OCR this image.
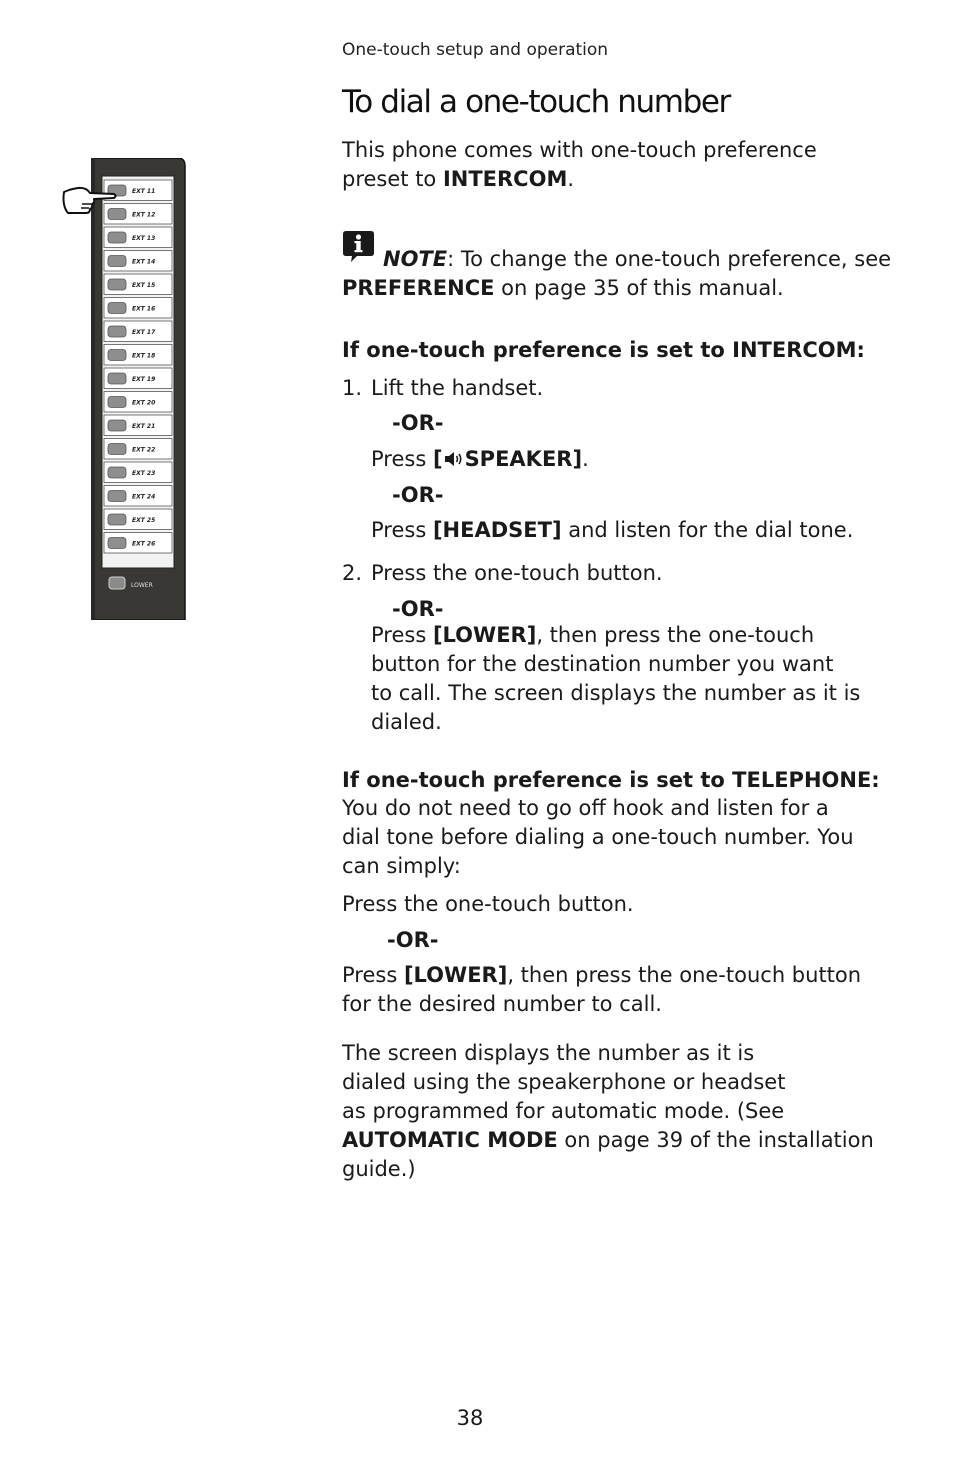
One-touch setup and operation
To dial a one-touch number
This phone comes with one-touch preference preset to INTERCOM.
NOTE: To change the one-touch preference, see
PREFERENCE on page 35 of this manual.
If one-touch preference is set to INTERCOM:
1. Lift the handset.
-OR-
Press [ SPEAKER].
-OR-
Press [HEADSET] and listen for the dial tone.
2. Press the one-touch button.
-OR-
Press [LOWER], then press the one-touch
button for the destination number you want
to call. The screen displays the number as it is
dialed.
If one-touch preference is set to TELEPHONE:
You do not need to go off hook and listen for a
dial tone before dialing a one-touch number. You
can simply:
Press the one-touch button.
-OR-
Press [LOWER], then press the one-touch button
for the desired number to call.
The screen displays the number as it is
dialed using the speakerphone or headset
as programmed for automatic mode. (See
AUTOMATIC MODE on page 39 of the installation
guide.)
EXT 11
EXT 12
EXT 13
EXT 14
EXT 15
EXT 16
EXT 17
EXT 18
EXT 19
EXT 20
EXT 21
EXT 22
EXT 23
EXT 24
EXT 25
EXT 26
LOWER
38
